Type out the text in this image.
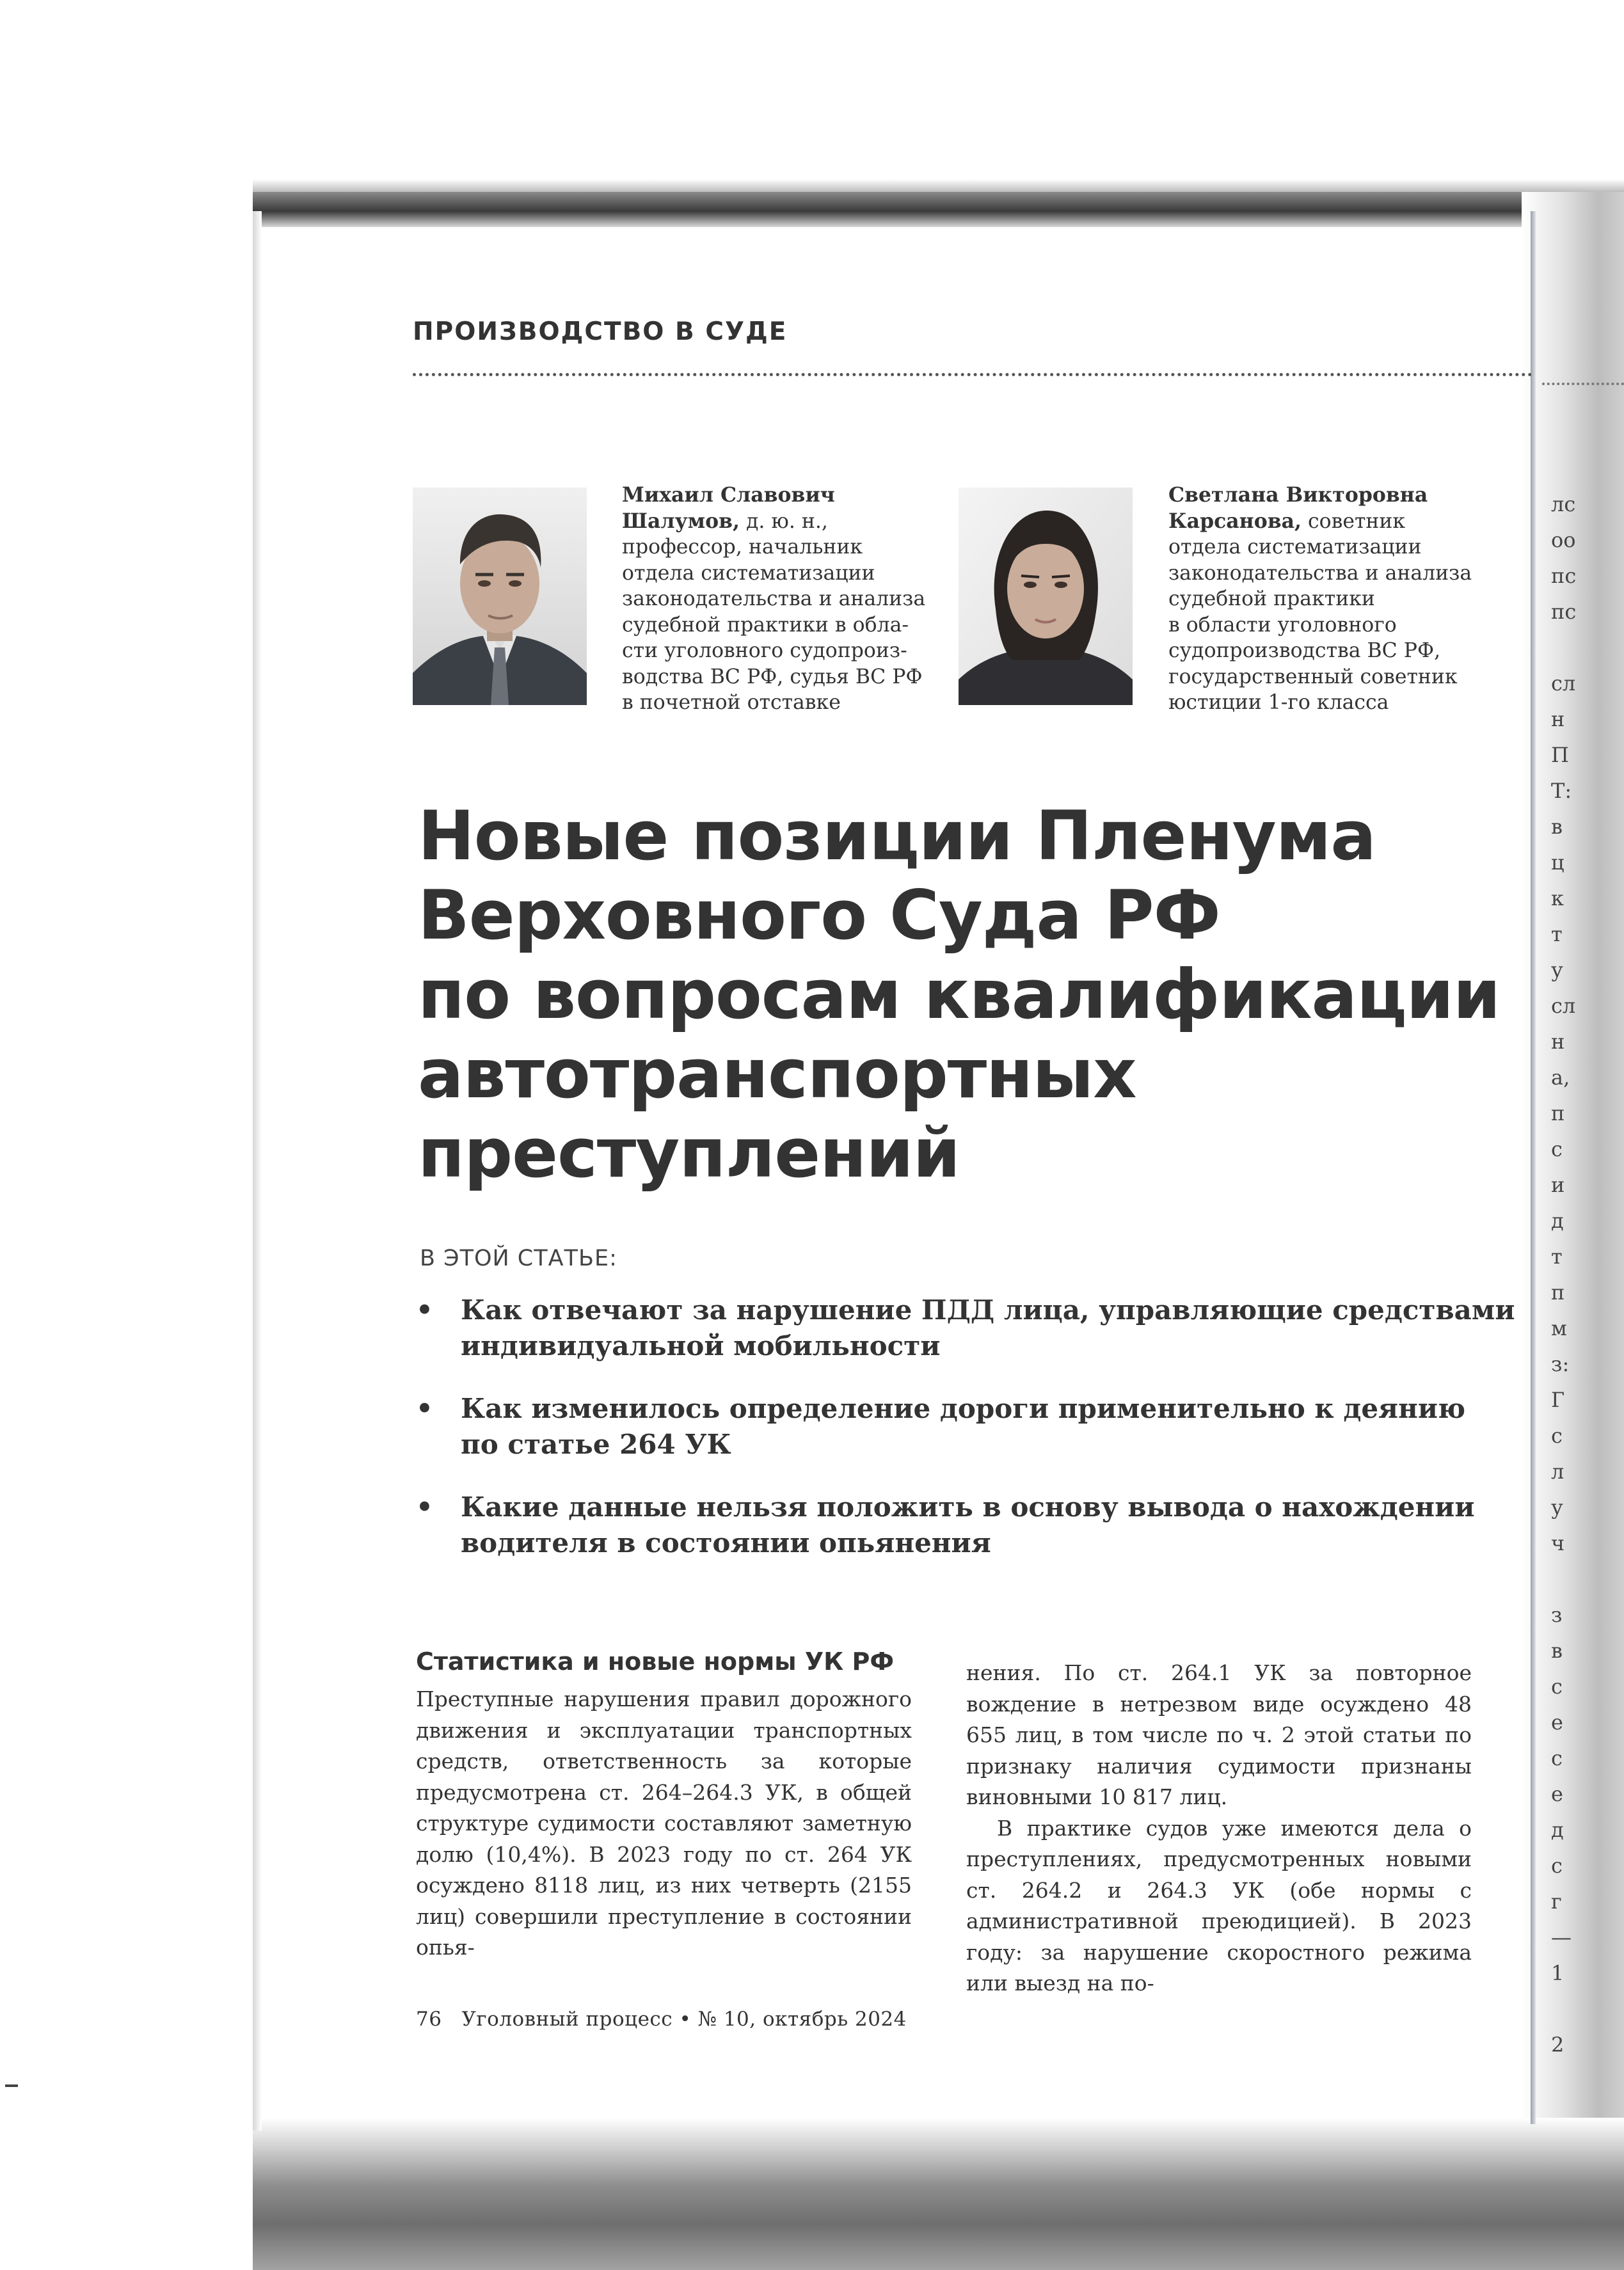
ПРОИЗВОДСТВО В СУДЕ
Михаил Славович
Шалумов, д. ю. н.,
профессор, начальник
отдела систематизации
законодательства и анализа
судебной практики в обла-
сти уголовного судопроиз-
водства ВС РФ, судья ВС РФ
в почетной отставке
Светлана Викторовна
Карсанова, советник
отдела систематизации
законодательства и анализа
судебной практики
в области уголовного
судопроизводства ВС РФ,
государственный советник
юстиции 1-го класса
Новые позиции Пленума
Верховного Суда РФ
по вопросам квалификации
автотранспортных
преступлений
В ЭТОЙ СТАТЬЕ:
• Как отвечают за нарушение ПДД лица, управляющие средствами
индивидуальной мобильности
• Как изменилось определение дороги применительно к деянию
по статье 264 УК
• Какие данные нельзя положить в основу вывода о нахождении
водителя в состоянии опьянения
Статистика и новые нормы УК РФ

Преступные нарушения правил дорожного движения и эксплуатации транспортных средств, ответственность за которые предусмотрена ст. 264–264.3 УК, в общей структуре судимости составляют заметную долю (10,4%). В 2023 году по ст. 264 УК осуждено 8118 лиц, из них четверть (2155 лиц) совершили преступление в состоянии опья-

нения. По ст. 264.1 УК за повторное вождение в нетрезвом виде осуждено 48 655 лиц, в том числе по ч. 2 этой статьи по признаку наличия судимости признаны виновными 10 817 лиц.

В практике судов уже имеются дела о преступлениях, предусмотренных новыми ст. 264.2 и 264.3 УК (обе нормы с административной преюдицией). В 2023 году: за нарушение скоростного режима или выезд на по-

76   Уголовный процесс • № 10, октябрь 2024
лс
оо
пс
пс
сл
н
П
Т:
в
ц
к
т
у
сл
н
а,
п
с
и
д
т
п
м
з:
Г
с
л
у
ч
з
в
с
е
с
е
д
с
г
—
1
2
